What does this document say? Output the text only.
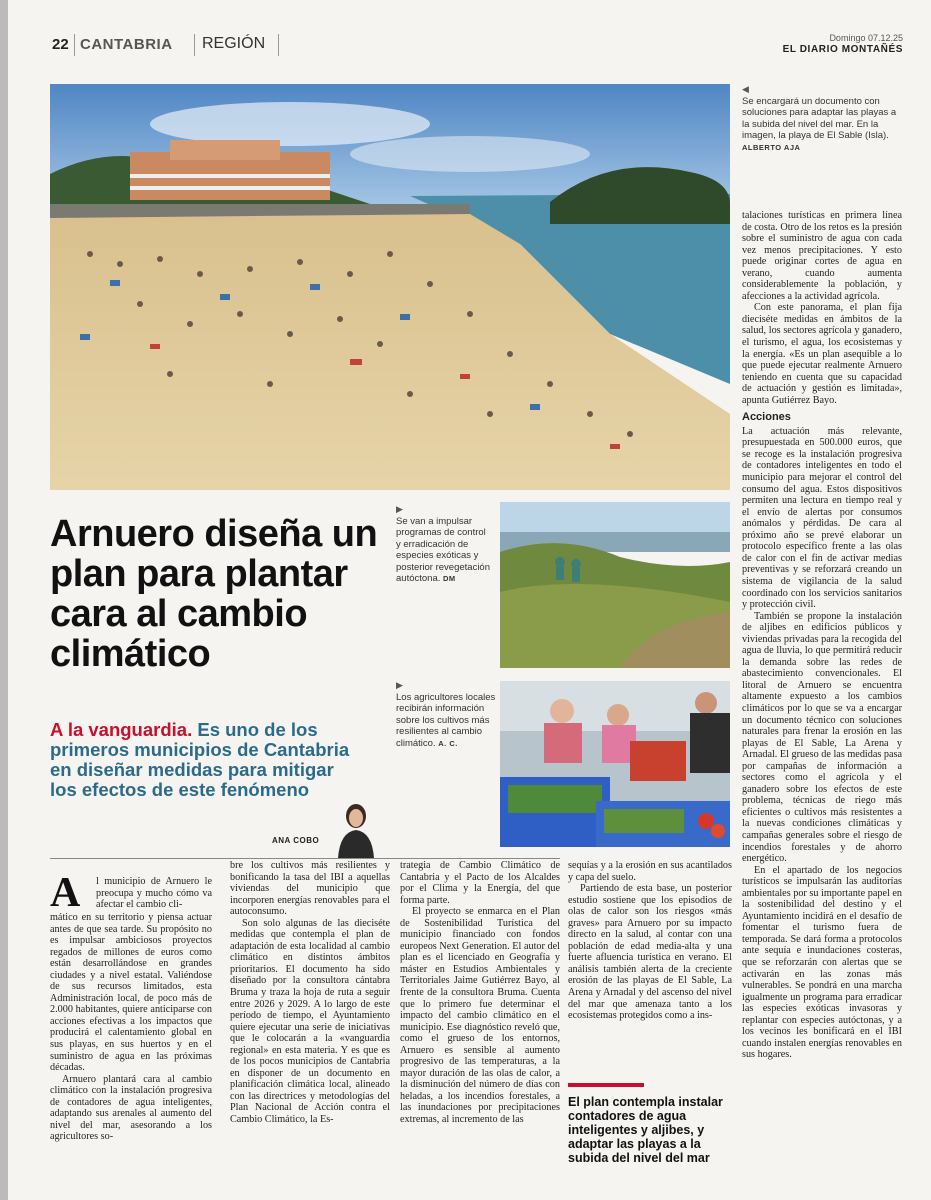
22 CANTABRIA REGIÓN	Domingo 07.12.25
EL DIARIO MONTAÑÉS
◀
Se encargará un documento con soluciones para adaptar las playas a la subida del nivel del mar. En la imagen, la playa de El Sable (Isla). ALBERTO AJA
Arnuero diseña un plan para plantar cara al cambio climático
A la vanguardia. Es uno de los primeros municipios de Cantabria en diseñar medidas para mitigar los efectos de este fenómeno
ANA COBO
▶
Se van a impulsar programas de control y erradicación de especies exóticas y posterior revegetación autóctona. DM
▶
Los agricultores locales recibirán información sobre los cultivos más resilientes al cambio climático. A. C.
A l municipio de Arnuero le preocupa y mucho cómo va afectar el cambio cli-

mático en su territorio y piensa actuar antes de que sea tarde. Su propósito no es impulsar ambiciosos proyectos regados de millones de euros como están desarrollándose en grandes ciudades y a nivel estatal. Valiéndose de sus recursos limitados, esta Administración local, de poco más de 2.000 habitantes, quiere anticiparse con acciones efectivas a los impactos que producirá el calentamiento global en sus playas, en sus huertos y en el suministro de agua en las próximas décadas.

Arnuero plantará cara al cambio climático con la instalación progresiva de contadores de agua inteligentes, adaptando sus arenales al aumento del nivel del mar, asesorando a los agricultores so-

bre los cultivos más resilientes y bonificando la tasa del IBI a aquellas viviendas del municipio que incorporen energías renovables para el autoconsumo.

Son solo algunas de las dieciséte medidas que contempla el plan de adaptación de esta localidad al cambio climático en distintos ámbitos prioritarios. El documento ha sido diseñado por la consultora cántabra Bruma y traza la hoja de ruta a seguir entre 2026 y 2029. A lo largo de este período de tiempo, el Ayuntamiento quiere ejecutar una serie de iniciativas que le colocarán a la «vanguardia regional» en esta materia. Y es que es de los pocos municipios de Cantabria en disponer de un documento en planificación climática local, alineado con las directrices y metodologías del Plan Nacional de Acción contra el Cambio Climático, la Es-

trategia de Cambio Climático de Cantabria y el Pacto de los Alcaldes por el Clima y la Energía, del que forma parte.

El proyecto se enmarca en el Plan de Sostenibilidad Turística del municipio financiado con fondos europeos Next Generation. El autor del plan es el licenciado en Geografía y máster en Estudios Ambientales y Territoriales Jaime Gutiérrez Bayo, al frente de la consultora Bruma. Cuenta que lo primero fue determinar el impacto del cambio climático en el municipio. Ese diagnóstico reveló que, como el grueso de los entornos, Arnuero es sensible al aumento progresivo de las temperaturas, a la mayor duración de las olas de calor, a la disminución del número de días con heladas, a los incendios forestales, a las inundaciones por precipitaciones extremas, al incremento de las

sequías y a la erosión en sus acantilados y capa del suelo.

Partiendo de esta base, un posterior estudio sostiene que los episodios de olas de calor son los riesgos «más graves» para Arnuero por su impacto directo en la salud, al contar con una población de edad media-alta y una fuerte afluencia turística en verano. El análisis también alerta de la creciente erosión de las playas de El Sable, La Arena y Arnadal y del ascenso del nivel del mar que amenaza tanto a los ecosistemas protegidos como a ins-

El plan contempla instalar contadores de agua inteligentes y aljibes, y adaptar las playas a la subida del nivel del mar

talaciones turísticas en primera línea de costa. Otro de los retos es la presión sobre el suministro de agua con cada vez menos precipitaciones. Y esto puede originar cortes de agua en verano, cuando aumenta considerablemente la población, y afecciones a la actividad agrícola.

Con este panorama, el plan fija dieciséte medidas en ámbitos de la salud, los sectores agrícola y ganadero, el turismo, el agua, los ecosistemas y la energía. «Es un plan asequible a lo que puede ejecutar realmente Arnuero teniendo en cuenta que su capacidad de actuación y gestión es limitada», apunta Gutiérrez Bayo.

Acciones

La actuación más relevante, presupuestada en 500.000 euros, que se recoge es la instalación progresiva de contadores inteligentes en todo el municipio para mejorar el control del consumo del agua. Estos dispositivos permiten una lectura en tiempo real y el envío de alertas por consumos anómalos y pérdidas. De cara al próximo año se prevé elaborar un protocolo específico frente a las olas de calor con el fin de activar medias preventivas y se reforzará creando un sistema de vigilancia de la salud coordinado con los servicios sanitarios y protección civil.

También se propone la instalación de aljibes en edificios públicos y viviendas privadas para la recogida del agua de lluvia, lo que permitirá reducir la demanda sobre las redes de abastecimiento convencionales. El litoral de Arnuero se encuentra altamente expuesto a los cambios climáticos por lo que se va a encargar un documento técnico con soluciones naturales para frenar la erosión en las playas de El Sable, La Arena y Arnadal. El grueso de las medidas pasa por campañas de información a sectores como el agrícola y el ganadero sobre los efectos de este problema, técnicas de riego más eficientes o cultivos más resistentes a la nuevas condiciones climáticas y campañas generales sobre el riesgo de incendios forestales y de ahorro energético.

En el apartado de los negocios turísticos se impulsarán las auditorías ambientales por su importante papel en la sostenibilidad del destino y el Ayuntamiento incidirá en el desafío de fomentar el turismo fuera de temporada. Se dará forma a protocolos ante sequía e inundaciones costeras, que se reforzarán con alertas que se activarán en las zonas más vulnerables. Se pondrá en una marcha igualmente un programa para erradicar las especies exóticas invasoras y replantar con especies autóctonas, y a los vecinos les bonificará en el IBI cuando instalen energías renovables en sus hogares.
